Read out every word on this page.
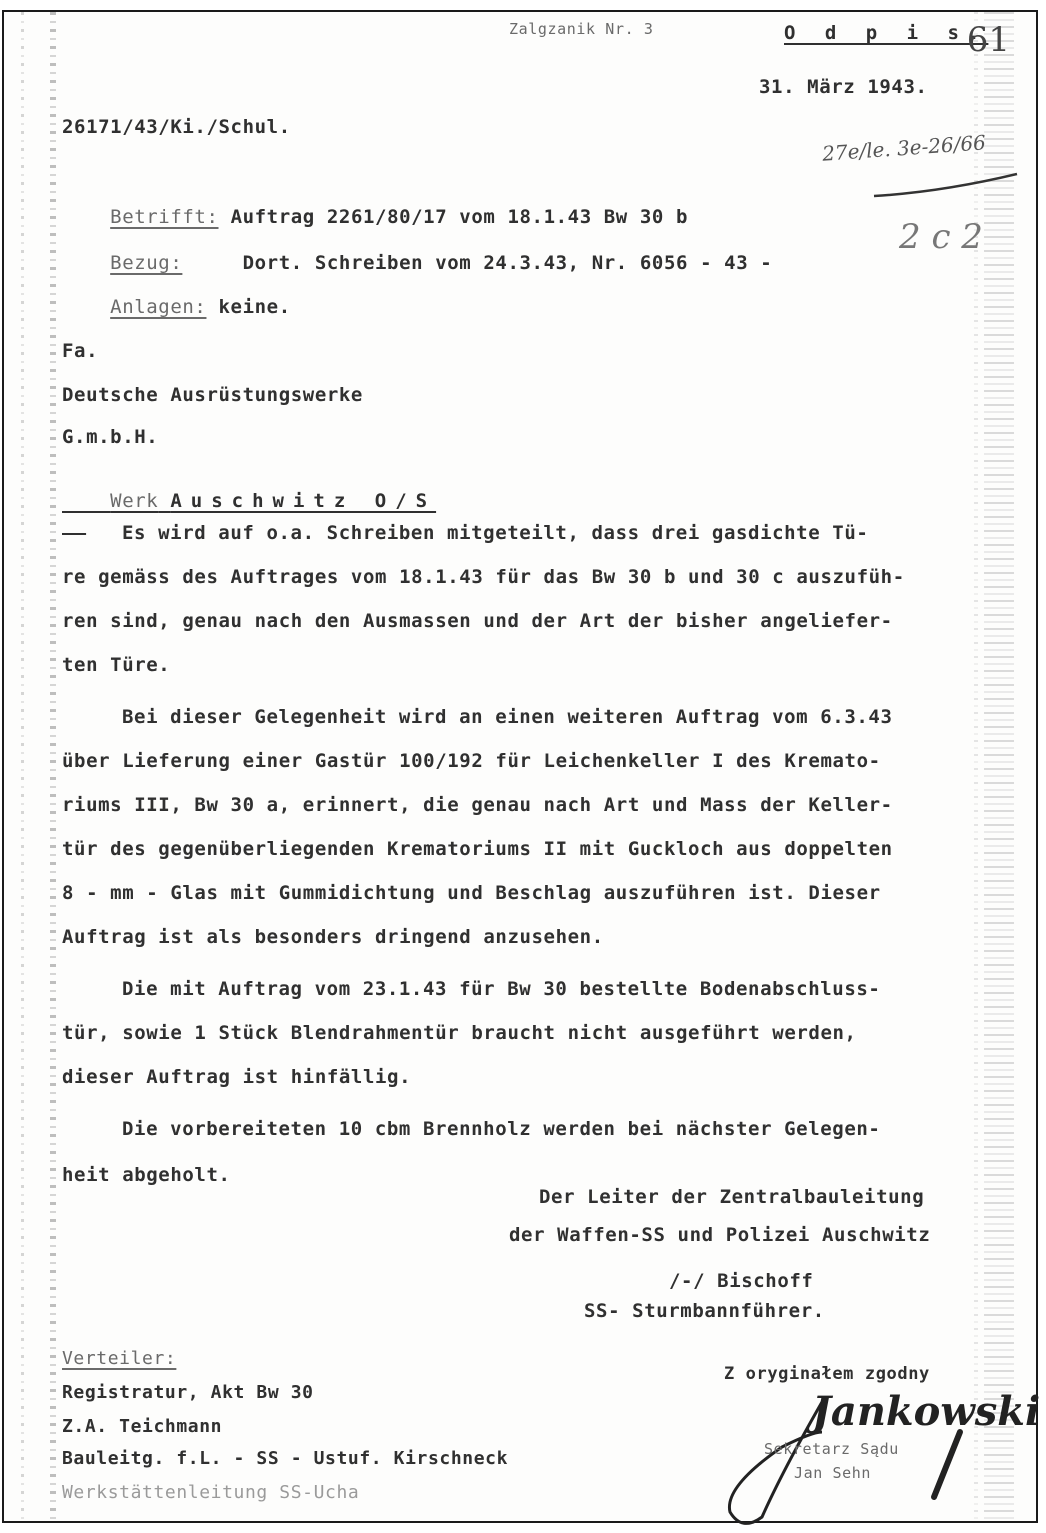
Zalgzanik Nr. 3	O d p i s.
61
31. März 1943.
26171/43/Ki./Schul.
27e/le. 3e-26/66
2 c 2

Betrifft: Auftrag 2261/80/17 vom 18.1.43 Bw 30 b

Bezug:	Dort. Schreiben vom 24.3.43, Nr. 6056 - 43 -

Anlagen: keine.

Fa.
Deutsche Ausrüstungswerke
G.m.b.H.

Werk Auschwitz O/S

Es wird auf o.a. Schreiben mitgeteilt, dass drei gasdichte Tü-
re gemäss des Auftrages vom 18.1.43 für das Bw 30 b und 30 c auszufüh-
ren sind, genau nach den Ausmassen und der Art der bisher angeliefer-
ten Türe.
Bei dieser Gelegenheit wird an einen weiteren Auftrag vom 6.3.43
über Lieferung einer Gastür 100/192 für Leichenkeller I des Kremato-
riums III, Bw 30 a, erinnert, die genau nach Art und Mass der Keller-
tür des gegenüberliegenden Krematoriums II mit Guckloch aus doppelten
8 - mm - Glas mit Gummidichtung und Beschlag auszuführen ist. Dieser
Auftrag ist als besonders dringend anzusehen.
Die mit Auftrag vom 23.1.43 für Bw 30 bestellte Bodenabschluss-
tür, sowie 1 Stück Blendrahmentür braucht nicht ausgeführt werden,
dieser Auftrag ist hinfällig.
Die vorbereiteten 10 cbm Brennholz werden bei nächster Gelegen-
heit abgeholt.
Der Leiter der Zentralbauleitung
der Waffen-SS und Polizei Auschwitz
/-/ Bischoff
SS- Sturmbannführer.
Verteiler:
Registratur, Akt Bw 30
Z.A. Teichmann
Bauleitg. f.L. - SS - Ustuf. Kirschneck
Werkstättenleitung SS-Ucha
Z oryginałem zgodny
Jankowski
Sekretarz Sądu
Jan Sehn
